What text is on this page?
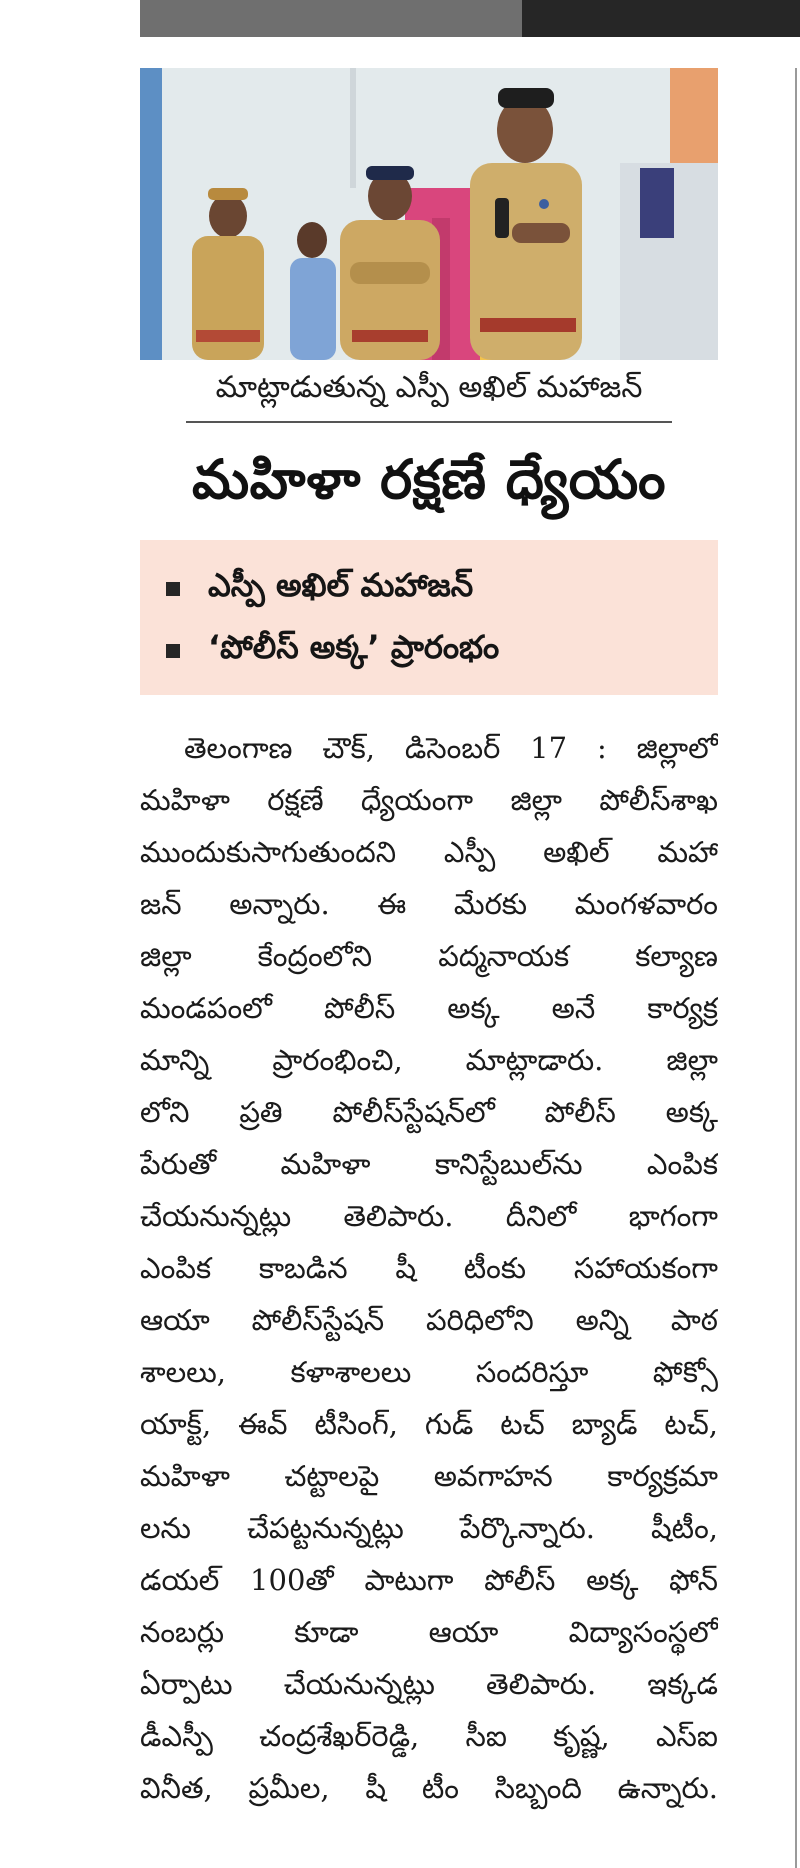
మాట్లాడుతున్న ఎస్పీ అఖిల్ మహాజన్
మహిళా రక్షణే ధ్యేయం
ఎస్పీ అఖిల్ మహాజన్
‘పోలీస్ అక్క’ ప్రారంభం
తెలంగాణ చౌక్, డిసెంబర్ 17 : జిల్లాలో
మహిళా రక్షణే ధ్యేయంగా జిల్లా పోలీస్‌శాఖ
ముందుకుసాగుతుందని ఎస్పీ అఖిల్ మహా
జన్ అన్నారు. ఈ మేరకు మంగళవారం
జిల్లా కేంద్రంలోని పద్మనాయక కల్యాణ
మండపంలో పోలీస్ అక్క అనే కార్యక్ర
మాన్ని ప్రారంభించి, మాట్లాడారు. జిల్లా
లోని ప్రతి పోలీస్‌స్టేషన్‌లో పోలీస్ అక్క
పేరుతో మహిళా కానిస్టేబుల్‌ను ఎంపిక
చేయనున్నట్లు తెలిపారు. దీనిలో భాగంగా
ఎంపిక కాబడిన షీ టీంకు సహాయకంగా
ఆయా పోలీస్‌స్టేషన్ పరిధిలోని అన్ని పాఠ
శాలలు, కళాశాలలు సందరిస్తూ ఫోక్సో
యాక్ట్, ఈవ్ టీసింగ్, గుడ్ టచ్ బ్యాడ్ టచ్,
మహిళా చట్టాలపై అవగాహన కార్యక్రమా
లను చేపట్టనున్నట్లు పేర్కొన్నారు. షీటీం,
డయల్ 100తో పాటుగా పోలీస్ అక్క ఫోన్
నంబర్లు కూడా ఆయా విద్యాసంస్థలో
ఏర్పాటు చేయనున్నట్లు తెలిపారు. ఇక్కడ
డీఎస్పీ చంద్రశేఖర్‌రెడ్డి, సీఐ కృష్ణ, ఎస్ఐ
వినీత, ప్రమీల, షీ టీం సిబ్బంది ఉన్నారు.
